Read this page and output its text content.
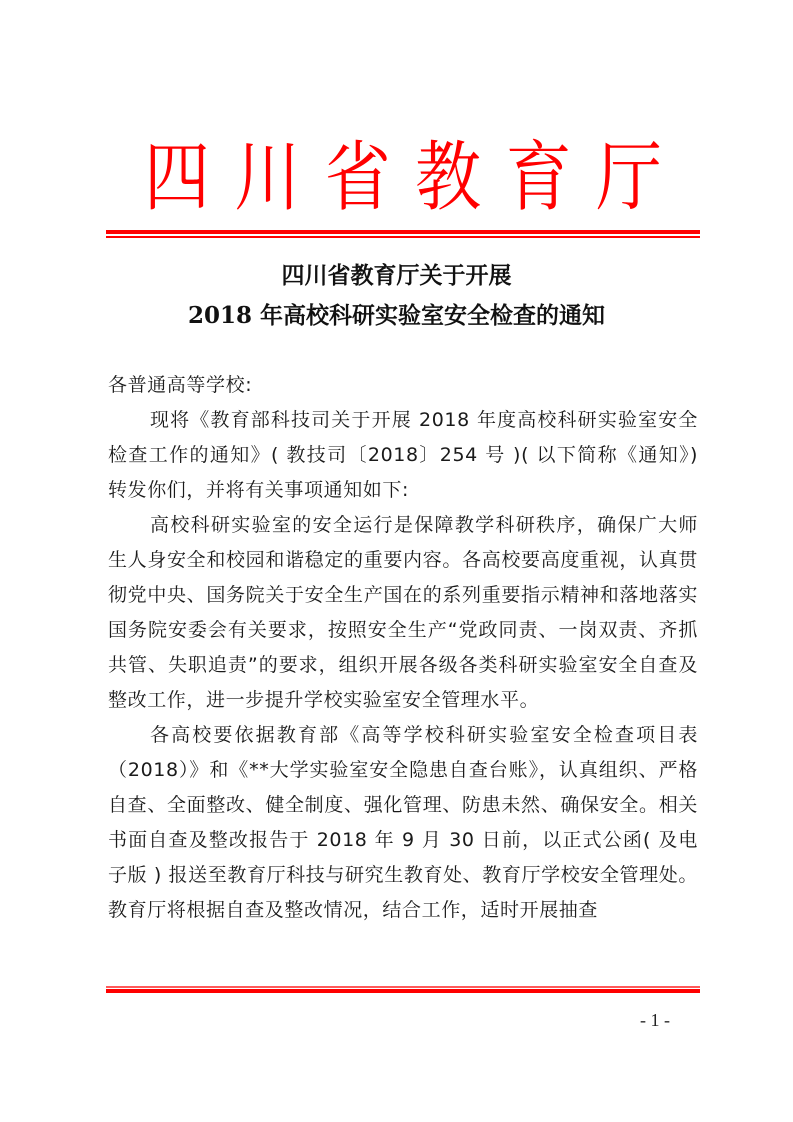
四 川 省 教 育 厅
四川省教育厅关于开展
2018 年高校科研实验室安全检查的通知

各普通高等学校:

现将《教育部科技司关于开展 2018 年度高校科研实验室安全检查工作的通知》( 教技司〔2018〕254 号 )( 以下简称《通知》) 转发你们，并将有关事项通知如下:

高校科研实验室的安全运行是保障教学科研秩序，确保广大师生人身安全和校园和谐稳定的重要内容。各高校要高度重视，认真贯彻党中央、国务院关于安全生产国在的系列重要指示精神和落地落实国务院安委会有关要求，按照安全生产“党政同责、一岗双责、齐抓共管、失职追责”的要求，组织开展各级各类科研实验室安全自查及整改工作，进一步提升学校实验室安全管理水平。

各高校要依据教育部《高等学校科研实验室安全检查项目表（2018）》和《**大学实验室安全隐患自查台账》，认真组织、严格自查、全面整改、健全制度、强化管理、防患未然、确保安全。相关书面自查及整改报告于 2018 年 9 月 30 日前，以正式公函( 及电子版 ) 报送至教育厅科技与研究生教育处、教育厅学校安全管理处。教育厅将根据自查及整改情况，结合工作，适时开展抽查

- 1 -
